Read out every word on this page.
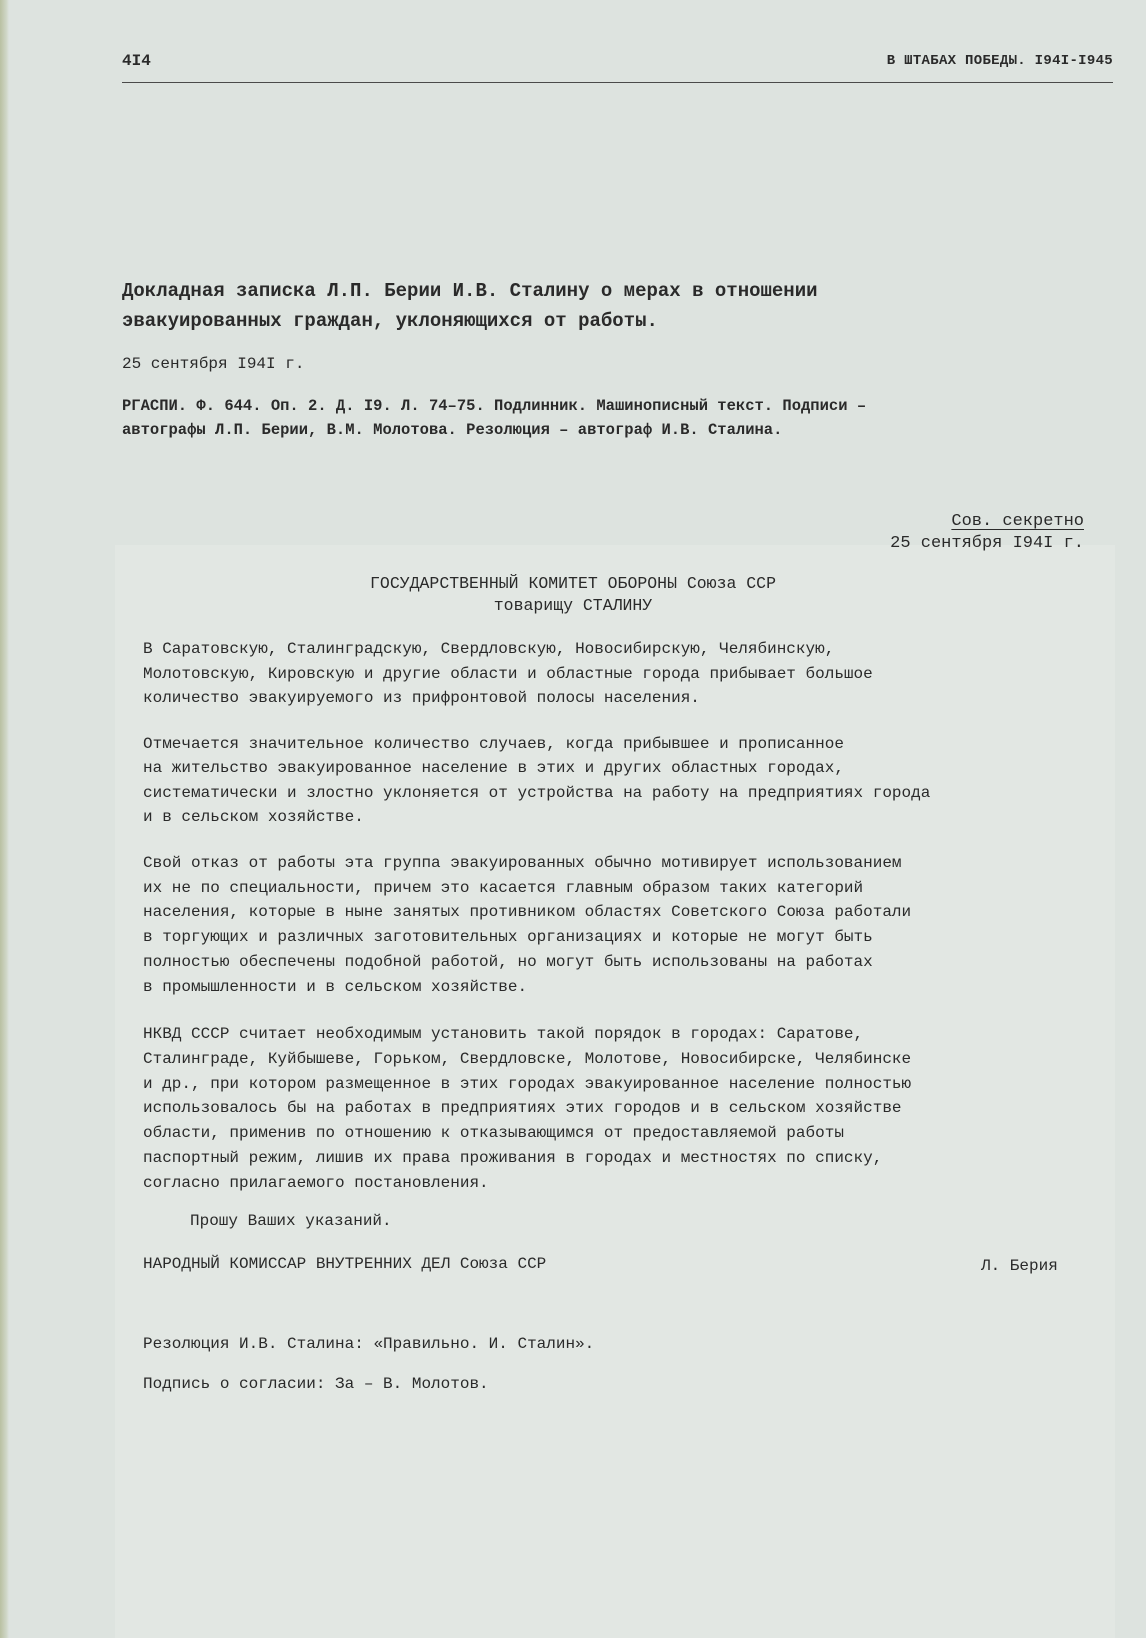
4I4	В ШТАБАХ ПОБЕДЫ. I94I-I945
Докладная записка Л.П. Берии И.В. Сталину о мерах в отношении
эвакуированных граждан, уклоняющихся от работы.
25 сентября I94I г.
РГАСПИ. Ф. 644. Оп. 2. Д. I9. Л. 74–75. Подлинник. Машинописный текст. Подписи –
автографы Л.П. Берии, В.М. Молотова. Резолюция – автограф И.В. Сталина.
Сов. секретно
25 сентября I94I г.
ГОСУДАРСТВЕННЫЙ КОМИТЕТ ОБОРОНЫ Союза ССР
товарищу СТАЛИНУ
В Саратовскую, Сталинградскую, Свердловскую, Новосибирскую, Челябинскую,
Молотовскую, Кировскую и другие области и областные города прибывает большое
количество эвакуируемого из прифронтовой полосы населения.
Отмечается значительное количество случаев, когда прибывшее и прописанное
на жительство эвакуированное население в этих и других областных городах,
систематически и злостно уклоняется от устройства на работу на предприятиях города
и в сельском хозяйстве.
Свой отказ от работы эта группа эвакуированных обычно мотивирует использованием
их не по специальности, причем это касается главным образом таких категорий
населения, которые в ныне занятых противником областях Советского Союза работали
в торгующих и различных заготовительных организациях и которые не могут быть
полностью обеспечены подобной работой, но могут быть использованы на работах
в промышленности и в сельском хозяйстве.
НКВД СССР считает необходимым установить такой порядок в городах: Саратове,
Сталинграде, Куйбышеве, Горьком, Свердловске, Молотове, Новосибирске, Челябинске
и др., при котором размещенное в этих городах эвакуированное население полностью
использовалось бы на работах в предприятиях этих городов и в сельском хозяйстве
области, применив по отношению к отказывающимся от предоставляемой работы
паспортный режим, лишив их права проживания в городах и местностях по списку,
согласно прилагаемого постановления.
Прошу Ваших указаний.
НАРОДНЫЙ КОМИССАР ВНУТРЕННИХ ДЕЛ Союза ССР	Л. Берия
Резолюция И.В. Сталина: «Правильно. И. Сталин».
Подпись о согласии: За – В. Молотов.
